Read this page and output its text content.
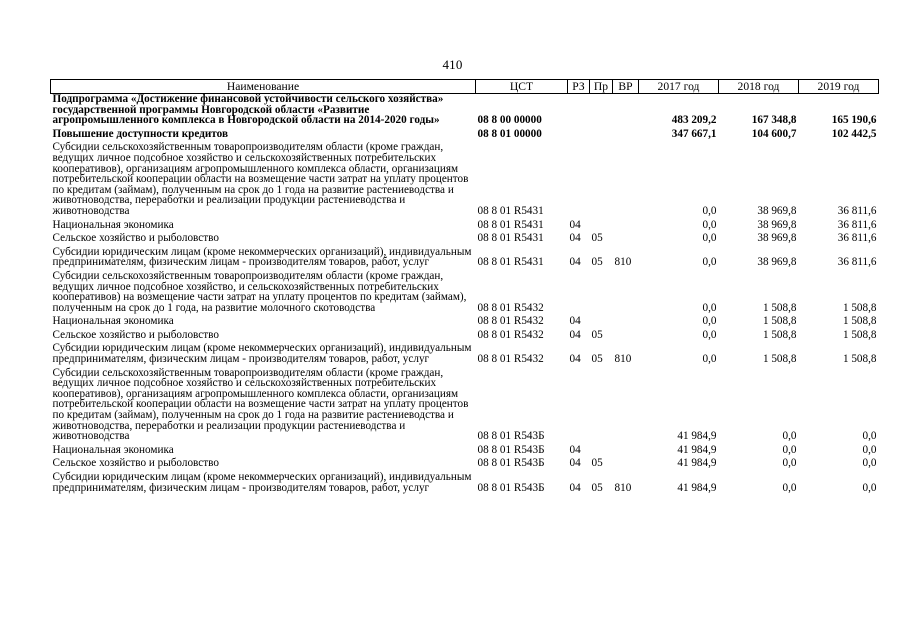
410
Наименование	ЦСТ	РЗ	Пр	ВР	2017 год	2018 год	2019 год
Подпрограмма «Достижение финансовой устойчивости сельского хозяйства» государственной программы Новгородской области «Развитие агропромышленного комплекса в Новгородской области на 2014-2020 годы»	08 8 00 00000				483 209,2	167 348,8	165 190,6
Повышение доступности кредитов	08 8 01 00000				347 667,1	104 600,7	102 442,5
Субсидии сельскохозяйственным товаропроизводителям области (кроме граждан, ведущих личное подсобное хозяйство и сельскохозяйственных потребительских кооперативов), организациям агропромышленного комплекса области, организациям потребительской кооперации области на возмещение части затрат на уплату процентов по кредитам (займам), полученным на срок до 1 года на развитие растениеводства и животноводства, переработки и реализации продукции растениеводства и животноводства	08 8 01 R5431				0,0	38 969,8	36 811,6
Национальная экономика	08 8 01 R5431	04			0,0	38 969,8	36 811,6
Сельское хозяйство и рыболовство	08 8 01 R5431	04	05		0,0	38 969,8	36 811,6
Субсидии юридическим лицам (кроме некоммерческих организаций), индивидуальным предпринимателям, физическим лицам - производителям товаров, работ, услуг	08 8 01 R5431	04	05	810	0,0	38 969,8	36 811,6
Субсидии сельскохозяйственным товаропроизводителям области (кроме граждан, ведущих личное подсобное хозяйство, и сельскохозяйственных потребительских кооперативов) на возмещение части затрат на уплату процентов по кредитам (займам), полученным на срок до 1 года, на развитие молочного скотоводства	08 8 01 R5432				0,0	1 508,8	1 508,8
Национальная экономика	08 8 01 R5432	04			0,0	1 508,8	1 508,8
Сельское хозяйство и рыболовство	08 8 01 R5432	04	05		0,0	1 508,8	1 508,8
Субсидии юридическим лицам (кроме некоммерческих организаций), индивидуальным предпринимателям, физическим лицам - производителям товаров, работ, услуг	08 8 01 R5432	04	05	810	0,0	1 508,8	1 508,8
Субсидии сельскохозяйственным товаропроизводителям области (кроме граждан, ведущих личное подсобное хозяйство и сельскохозяйственных потребительских кооперативов), организациям агропромышленного комплекса области, организациям потребительской кооперации области на возмещение части затрат на уплату процентов по кредитам (займам), полученным на срок до 1 года на развитие растениеводства и животноводства, переработки и реализации продукции растениеводства и животноводства	08 8 01 R543Б				41 984,9	0,0	0,0
Национальная экономика	08 8 01 R543Б	04			41 984,9	0,0	0,0
Сельское хозяйство и рыболовство	08 8 01 R543Б	04	05		41 984,9	0,0	0,0
Субсидии юридическим лицам (кроме некоммерческих организаций), индивидуальным предпринимателям, физическим лицам - производителям товаров, работ, услуг	08 8 01 R543Б	04	05	810	41 984,9	0,0	0,0
